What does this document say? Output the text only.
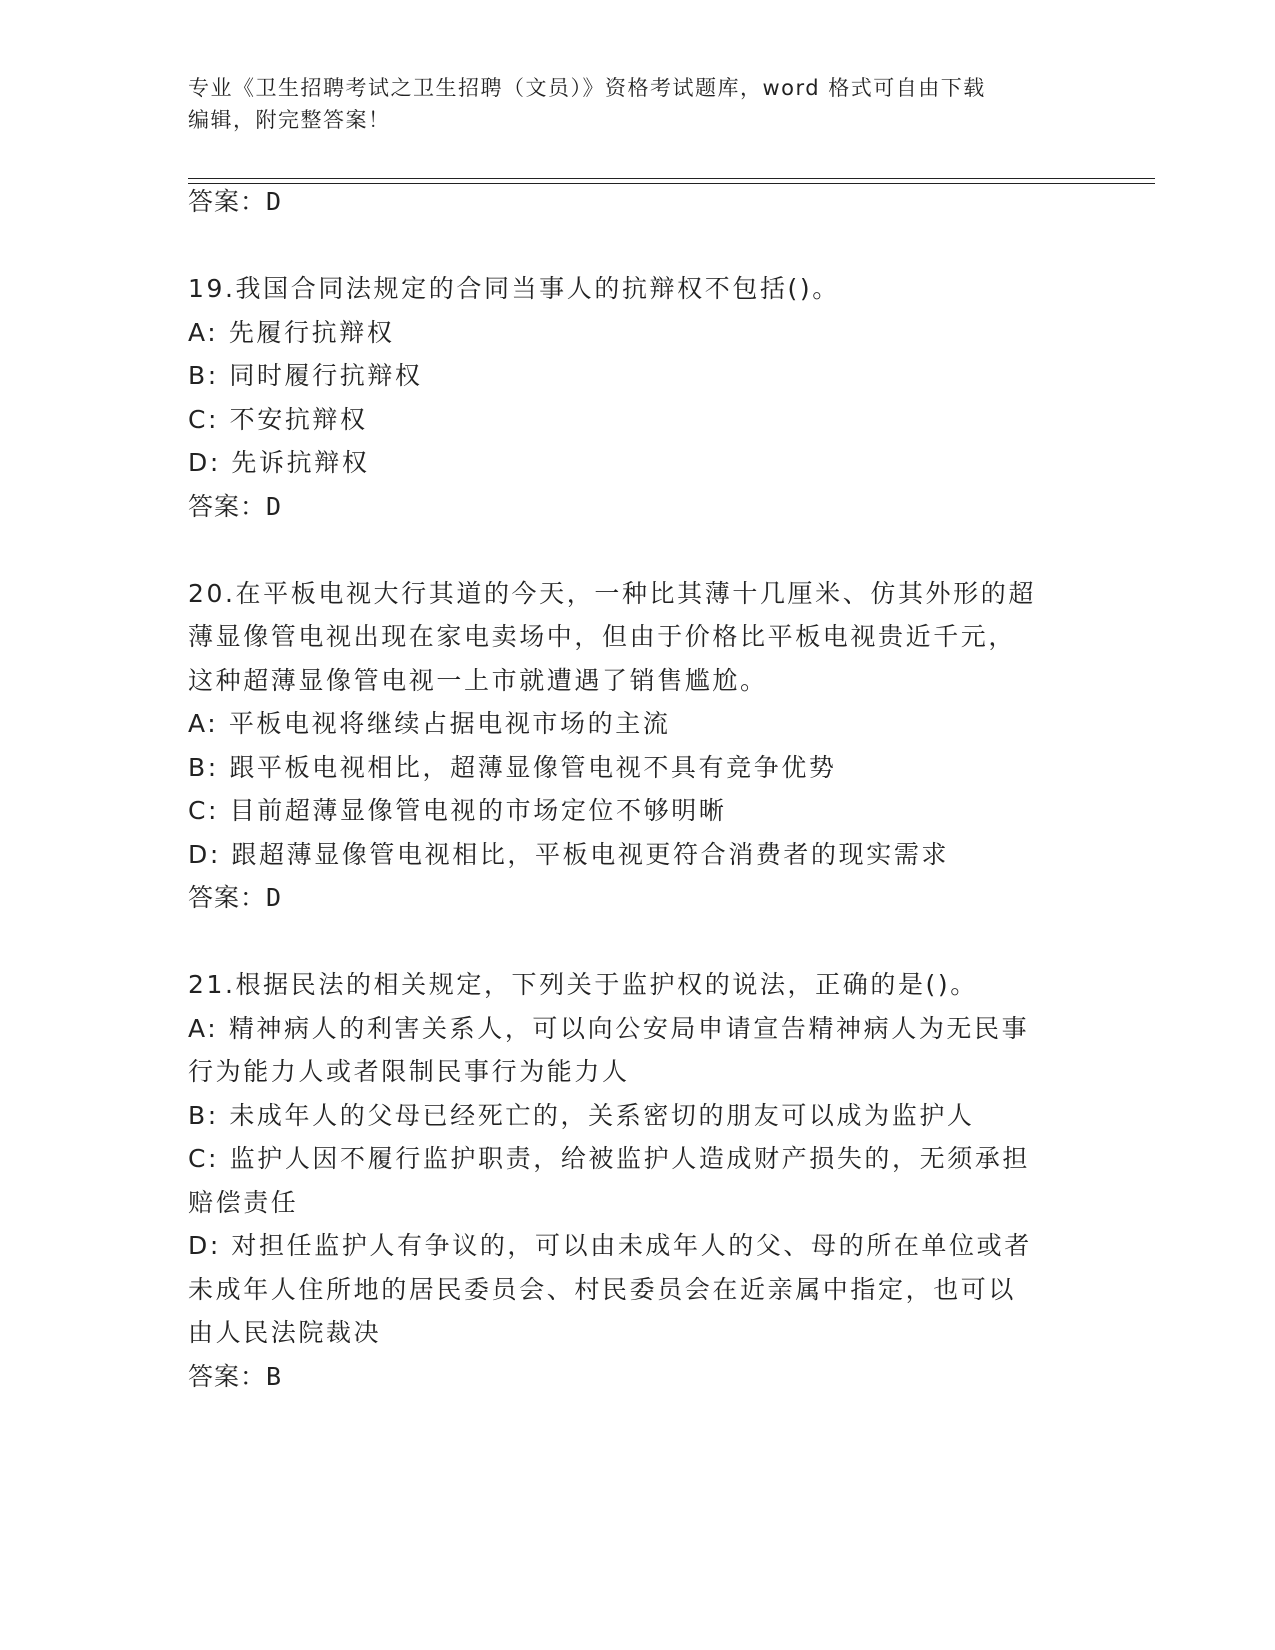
专业《卫生招聘考试之卫生招聘（文员）》资格考试题库，word 格式可自由下载
编辑，附完整答案！
答案：D
19.我国合同法规定的合同当事人的抗辩权不包括()。
A: 先履行抗辩权
B: 同时履行抗辩权
C: 不安抗辩权
D: 先诉抗辩权
答案：D
20.在平板电视大行其道的今天，一种比其薄十几厘米、仿其外形的超
薄显像管电视出现在家电卖场中，但由于价格比平板电视贵近千元，
这种超薄显像管电视一上市就遭遇了销售尴尬。
A: 平板电视将继续占据电视市场的主流
B: 跟平板电视相比，超薄显像管电视不具有竞争优势
C: 目前超薄显像管电视的市场定位不够明晰
D: 跟超薄显像管电视相比，平板电视更符合消费者的现实需求
答案：D
21.根据民法的相关规定，下列关于监护权的说法，正确的是()。
A: 精神病人的利害关系人，可以向公安局申请宣告精神病人为无民事
行为能力人或者限制民事行为能力人
B: 未成年人的父母已经死亡的，关系密切的朋友可以成为监护人
C: 监护人因不履行监护职责，给被监护人造成财产损失的，无须承担
赔偿责任
D: 对担任监护人有争议的，可以由未成年人的父、母的所在单位或者
未成年人住所地的居民委员会、村民委员会在近亲属中指定，也可以
由人民法院裁决
答案：B
